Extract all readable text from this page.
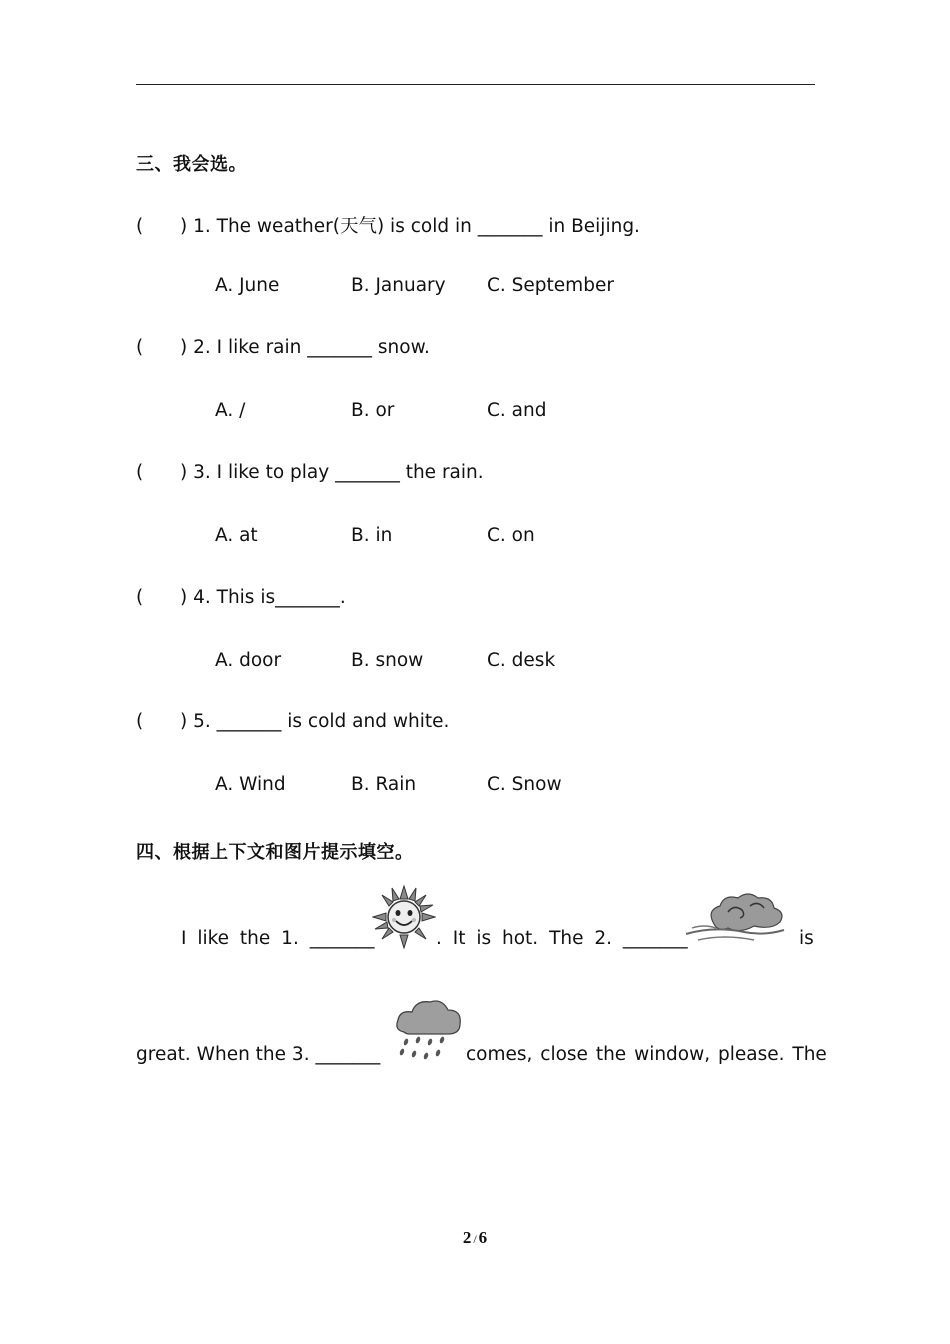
三、我会选。
( ) 1. The weather(天气) is cold in _______ in Beijing.
A. June	B. January C. September
( ) 2. I like rain _______ snow.
A. /	B. or	C. and
( ) 3. I like to play _______ the rain.
A. at	B. in	C. on
( ) 4. This is_______.
A. door	B. snow	C. desk
( ) 5. _______ is cold and white.
A. Wind	B. Rain	C. Snow
四、根据上下文和图片提示填空。
I like the 1. _______	. It is hot. The 2. _______	is
great. When the 3. _______	comes, close the window, please. The
2 / 6
